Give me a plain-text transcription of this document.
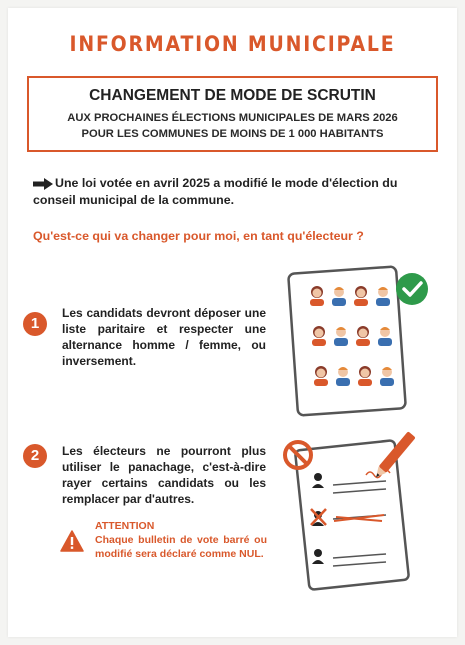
INFORMATION MUNICIPALE
CHANGEMENT DE MODE DE SCRUTIN
AUX PROCHAINES ÉLECTIONS MUNICIPALES DE MARS 2026
POUR LES COMMUNES DE MOINS DE 1 000 HABITANTS
Une loi votée en avril 2025 a modifié le mode d'élection du conseil municipal de la commune.
Qu'est-ce qui va changer pour moi, en tant qu'électeur ?
1
Les candidats devront déposer une liste paritaire et respecter une alternance homme / femme, ou inversement.
2	Les électeurs ne pourront plus utiliser le panachage, c'est-à-dire rayer certains candidats ou les remplacer par d'autres.
ATTENTION
Chaque bulletin de vote barré ou modifié sera déclaré comme NUL.
